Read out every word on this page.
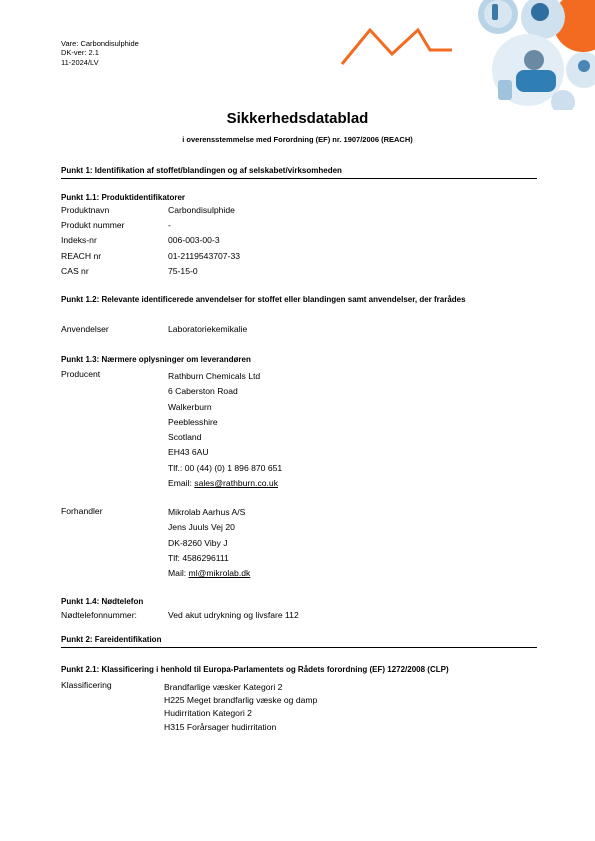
Vare: Carbondisulphide
DK-ver: 2.1
11-2024/LV
Sikkerhedsdatablad
i overensstemmelse med Forordning (EF) nr. 1907/2006 (REACH)
Punkt 1: Identifikation af stoffet/blandingen og af selskabet/virksomheden
Punkt 1.1: Produktidentifikatorer
Produktnavn	Carbondisulphide
Produkt nummer	-
Indeks-nr	006-003-00-3
REACH nr	01-2119543707-33
CAS nr	75-15-0
Punkt 1.2: Relevante identificerede anvendelser for stoffet eller blandingen samt anvendelser, der frarådes
Anvendelser	Laboratoriekemikalie
Punkt 1.3: Nærmere oplysninger om leverandøren
Producent	Rathburn Chemicals Ltd
6 Caberston Road
Walkerburn
Peeblesshire
Scotland
EH43 6AU
Tlf.: 00 (44) (0) 1 896 870 651
Email: sales@rathburn.co.uk
Forhandler	Mikrolab Aarhus A/S
Jens Juuls Vej 20
DK-8260 Viby J
Tlf: 4586296111
Mail: ml@mikrolab.dk
Punkt 1.4: Nødtelefon
Nødtelefonnummer:	Ved akut udrykning og livsfare 112
Punkt 2: Fareidentifikation
Punkt 2.1: Klassificering i henhold til Europa-Parlamentets og Rådets forordning (EF) 1272/2008 (CLP)
Klassificering	Brandfarlige væsker Kategori 2
H225 Meget brandfarlig væske og damp
Hudirritation Kategori 2
H315 Forårsager hudirritation
